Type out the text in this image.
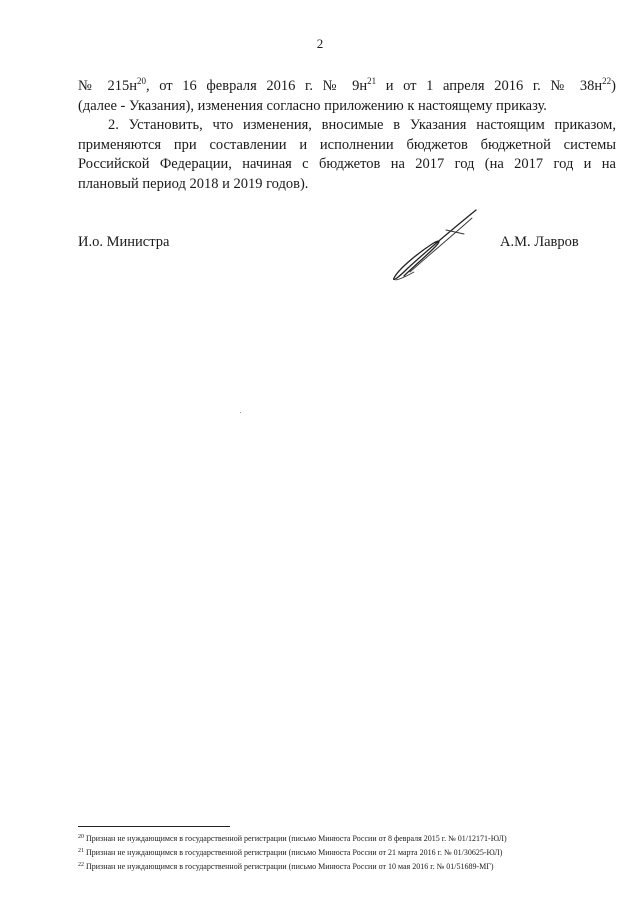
2
№ $215н^{20}$, от 16 февраля 2016 г. № $9н^{21}$ и от 1 апреля 2016 г. № $38н^{22}$)
(далее - Указания), изменения согласно приложению к настоящему приказу.
2. Установить, что изменения, вносимые в Указания настоящим приказом,
применяются при составлении и исполнении бюджетов бюджетной системы
Российской Федерации, начиная с бюджетов на 2017 год (на 2017 год и на
плановый период 2018 и 2019 годов).
И.о. Министра	А.М. Лавров
$^{20}$ Признан не нуждающимся в государственной регистрации (письмо Минюста России от 8 февраля 2015 г. № 01/12171-ЮЛ)
$^{21}$ Признан не нуждающимся в государственной регистрации (письмо Минюста России от 21 марта 2016 г. № 01/30625-ЮЛ)
$^{22}$ Признан не нуждающимся в государственной регистрации (письмо Минюста России от 10 мая 2016 г. № 01/51689-МГ)
